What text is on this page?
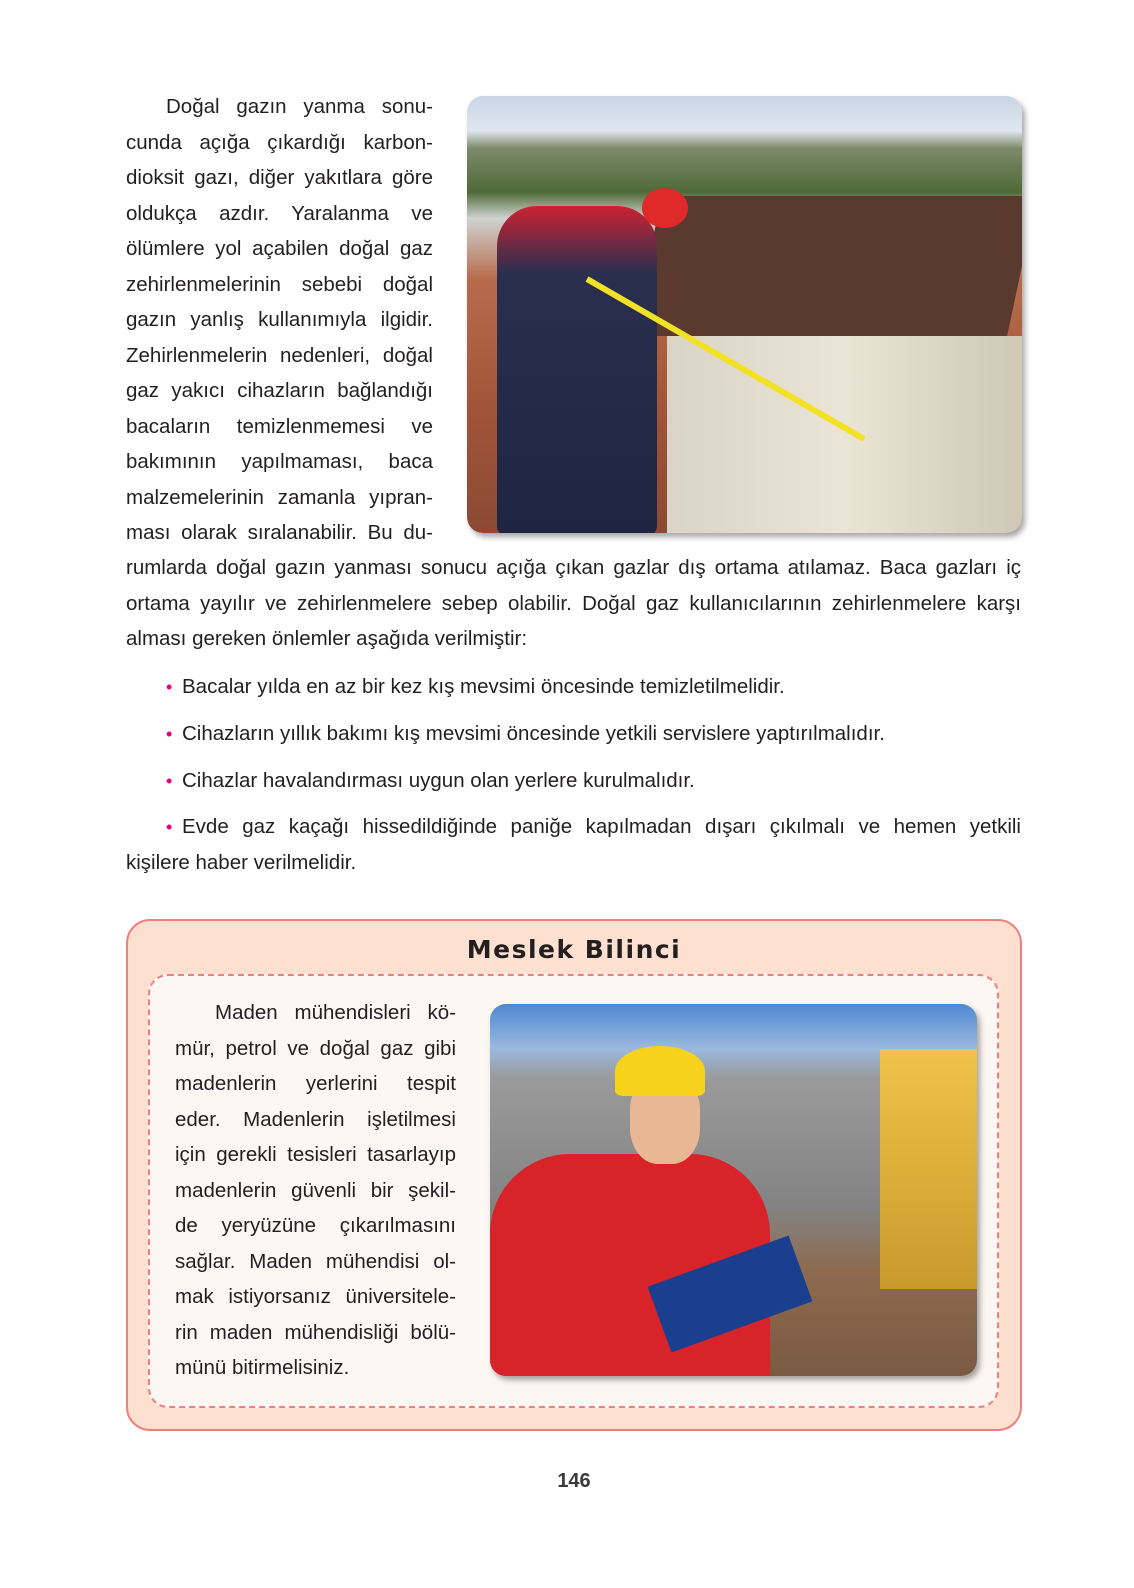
Doğal gazın yanma sonu-
cunda açığa çıkardığı karbon-
dioksit gazı, diğer yakıtlara göre
oldukça azdır. Yaralanma ve
ölümlere yol açabilen doğal gaz
zehirlenmelerinin sebebi doğal
gazın yanlış kullanımıyla ilgidir.
Zehirlenmelerin nedenleri, doğal
gaz yakıcı cihazların bağlandığı
bacaların temizlenmemesi ve
bakımının yapılmaması, baca
malzemelerinin zamanla yıpran-
ması olarak sıralanabilir. Bu du-
rumlarda doğal gazın yanması sonucu açığa çıkan gazlar dış ortama atılamaz. Baca gazları iç
ortama yayılır ve zehirlenmelere sebep olabilir. Doğal gaz kullanıcılarının zehirlenmelere karşı
alması gereken önlemler aşağıda verilmiştir:
• Bacalar yılda en az bir kez kış mevsimi öncesinde temizletilmelidir.
• Cihazların yıllık bakımı kış mevsimi öncesinde yetkili servislere yaptırılmalıdır.
• Cihazlar havalandırması uygun olan yerlere kurulmalıdır.
• Evde gaz kaçağı hissedildiğinde paniğe kapılmadan dışarı çıkılmalı ve hemen yetkili
kişilere haber verilmelidir.
Meslek Bilinci
Maden mühendisleri kö-
mür, petrol ve doğal gaz gibi
madenlerin yerlerini tespit
eder. Madenlerin işletilmesi
için gerekli tesisleri tasarlayıp
madenlerin güvenli bir şekil-
de yeryüzüne çıkarılmasını
sağlar. Maden mühendisi ol-
mak istiyorsanız üniversitele-
rin maden mühendisliği bölü-
münü bitirmelisiniz.
146
